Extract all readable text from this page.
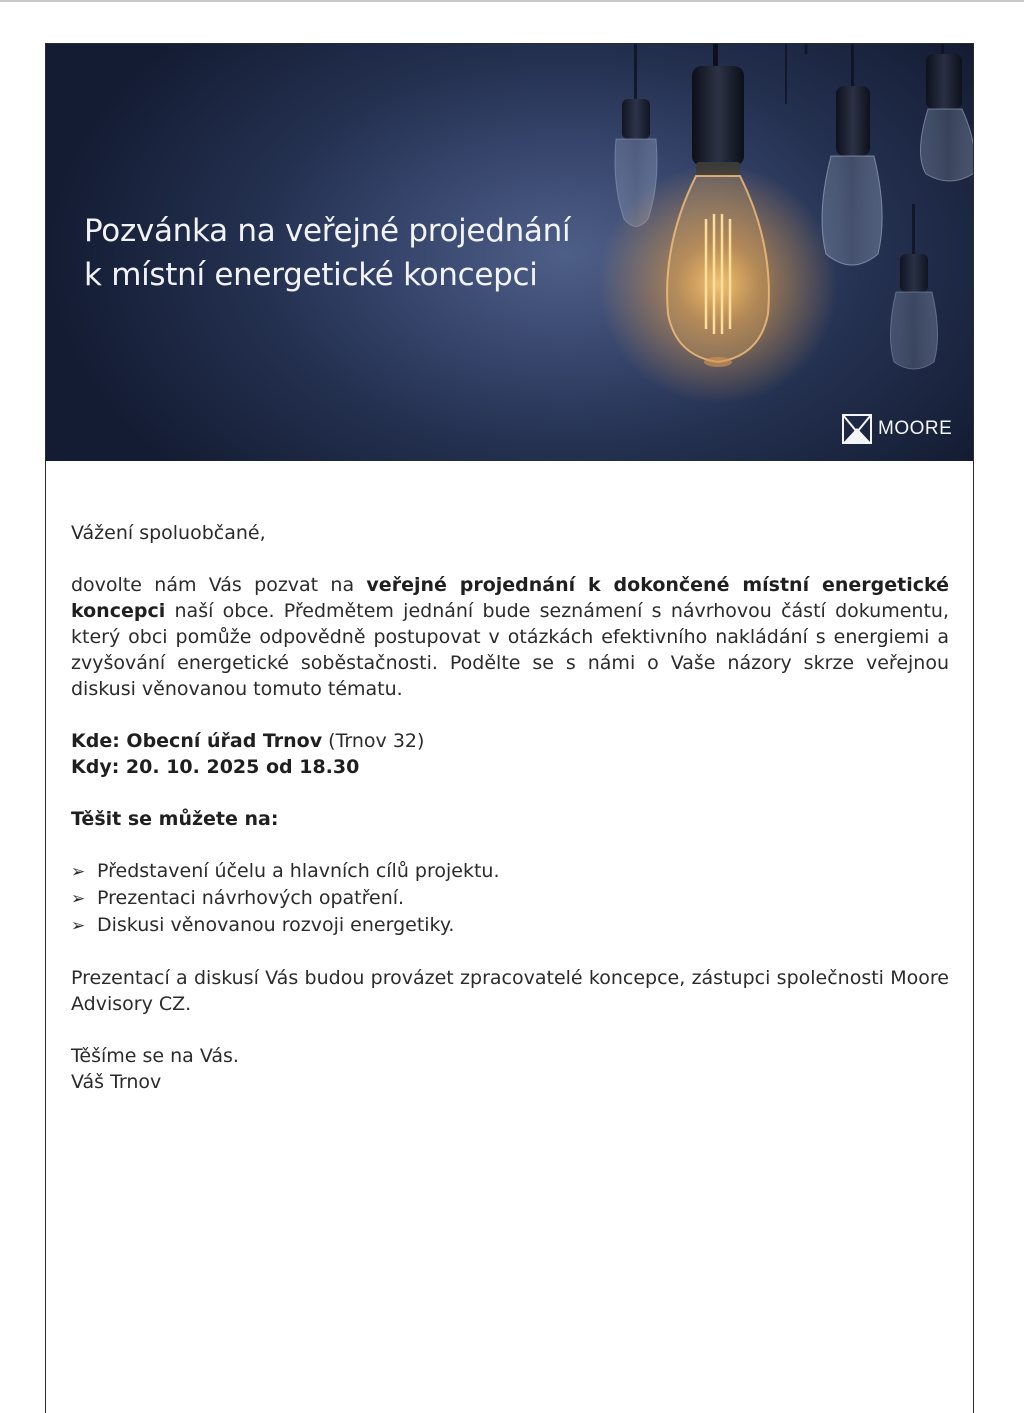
Pozvánka na veřejné projednání
k místní energetické koncepci
MOORE

Vážení spoluobčané,

dovolte nám Vás pozvat na veřejné projednání k dokončené místní energetické koncepci naší obce. Předmětem jednání bude seznámení s návrhovou částí dokumentu, který obci pomůže odpovědně postupovat v otázkách efektivního nakládání s energiemi a zvyšování energetické soběstačnosti. Podělte se s námi o Vaše názory skrze veřejnou diskusi věnovanou tomuto tématu.

Kde: Obecní úřad Trnov (Trnov 32)
Kdy: 20. 10. 2025 od 18.30

Těšit se můžete na:

➢ Představení účelu a hlavních cílů projektu.
➢ Prezentaci návrhových opatření.
➢ Diskusi věnovanou rozvoji energetiky.

Prezentací a diskusí Vás budou provázet zpracovatelé koncepce, zástupci společnosti Moore Advisory CZ.

Těšíme se na Vás.
Váš Trnov
